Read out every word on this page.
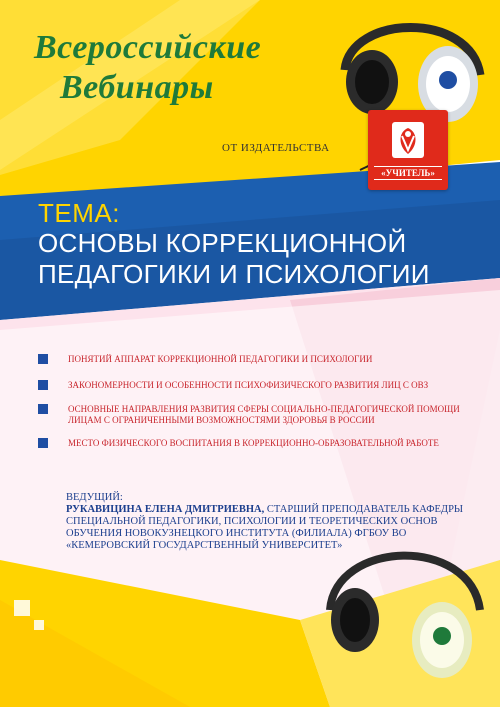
Всероссийские
Вебинары
ОТ ИЗДАТЕЛЬСТВА
«УЧИТЕЛЬ»
ТЕМА:
ОСНОВЫ КОРРЕКЦИОННОЙ
ПЕДАГОГИКИ И ПСИХОЛОГИИ
ПОНЯТИЙ АППАРАТ КОРРЕКЦИОННОЙ ПЕДАГОГИКИ И ПСИХОЛОГИИ
ЗАКОНОМЕРНОСТИ И ОСОБЕННОСТИ ПСИХОФИЗИЧЕСКОГО РАЗВИТИЯ ЛИЦ С ОВЗ
ОСНОВНЫЕ НАПРАВЛЕНИЯ РАЗВИТИЯ СФЕРЫ СОЦИАЛЬНО-ПЕДАГОГИЧЕСКОЙ ПОМОЩИ ЛИЦАМ С ОГРАНИЧЕННЫМИ ВОЗМОЖНОСТЯМИ ЗДОРОВЬЯ В РОССИИ
МЕСТО ФИЗИЧЕСКОГО ВОСПИТАНИЯ В КОРРЕКЦИОННО-ОБРАЗОВАТЕЛЬНОЙ РАБОТЕ
ВЕДУЩИЙ:
РУКАВИЦИНА ЕЛЕНА ДМИТРИЕВНА, СТАРШИЙ ПРЕПОДАВАТЕЛЬ КАФЕДРЫ СПЕЦИАЛЬНОЙ ПЕДАГОГИКИ, ПСИХОЛОГИИ И ТЕОРЕТИЧЕСКИХ ОСНОВ ОБУЧЕНИЯ НОВОКУЗНЕЦКОГО ИНСТИТУТА (ФИЛИАЛА) ФГБОУ ВО «КЕМЕРОВСКИЙ ГОСУДАРСТВЕННЫЙ УНИВЕРСИТЕТ»
